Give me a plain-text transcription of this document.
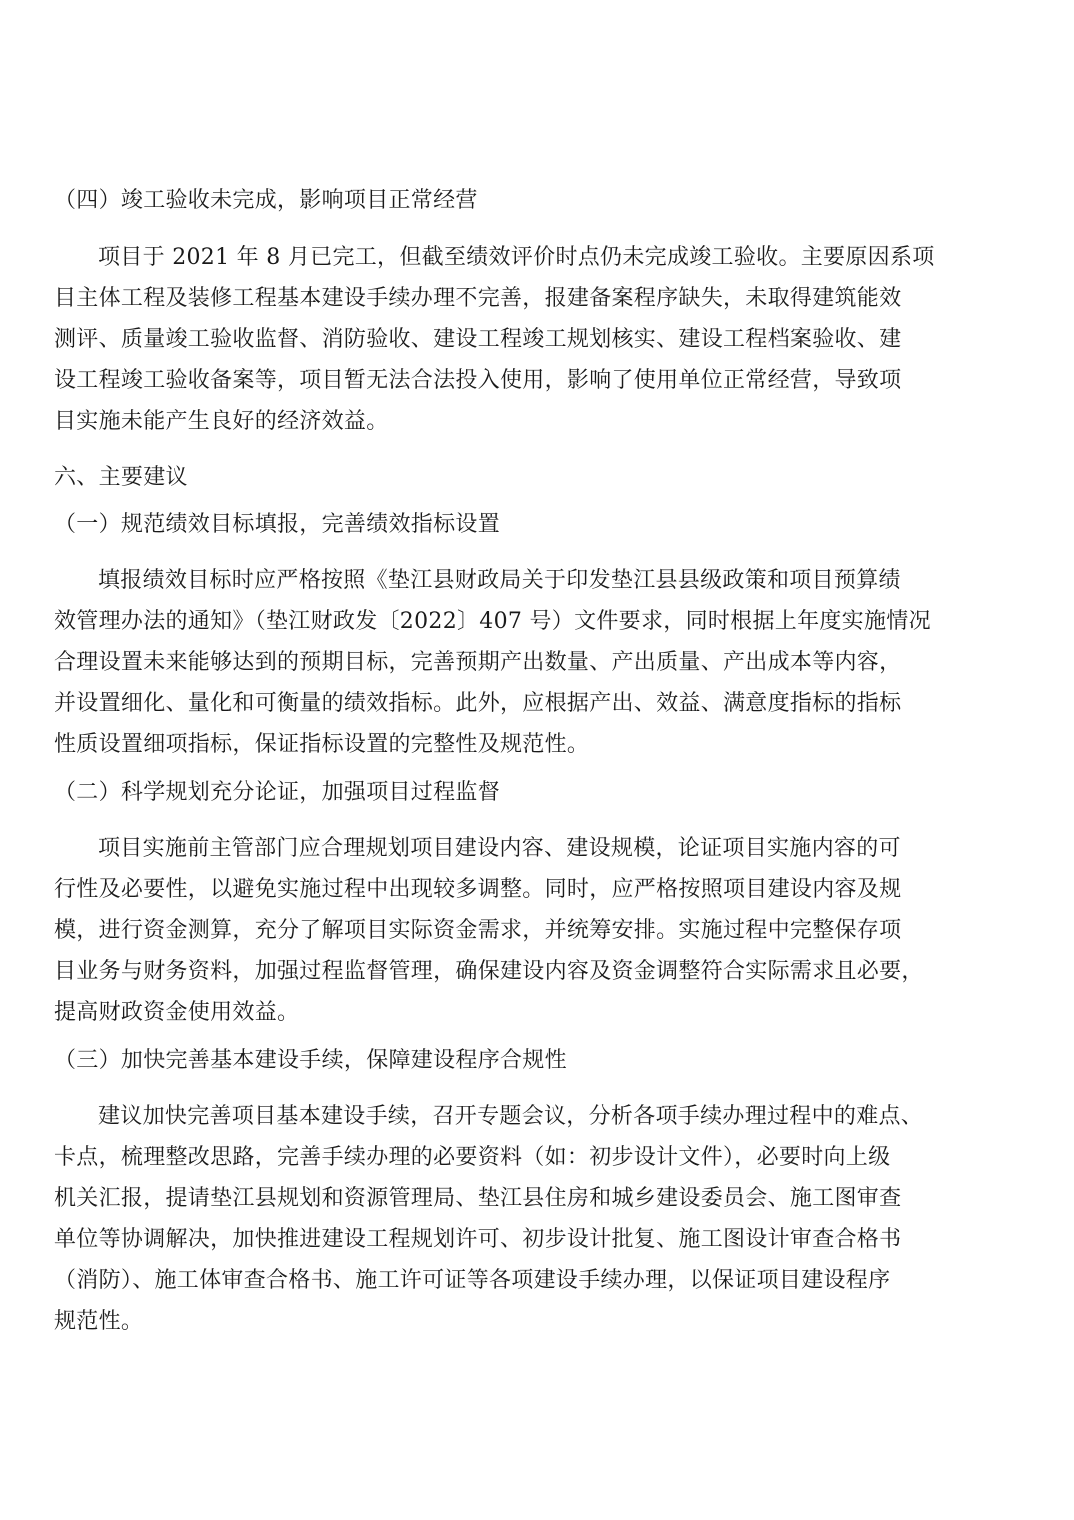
（四）竣工验收未完成，影响项目正常经营
项目于 2021 年 8 月已完工，但截至绩效评价时点仍未完成竣工验收。主要原因系项
目主体工程及装修工程基本建设手续办理不完善，报建备案程序缺失，未取得建筑能效
测评、质量竣工验收监督、消防验收、建设工程竣工规划核实、建设工程档案验收、建
设工程竣工验收备案等，项目暂无法合法投入使用，影响了使用单位正常经营，导致项
目实施未能产生良好的经济效益。
六、主要建议
（一）规范绩效目标填报，完善绩效指标设置
填报绩效目标时应严格按照《垫江县财政局关于印发垫江县县级政策和项目预算绩
效管理办法的通知》（垫江财政发〔2022〕407 号）文件要求，同时根据上年度实施情况
合理设置未来能够达到的预期目标，完善预期产出数量、产出质量、产出成本等内容，
并设置细化、量化和可衡量的绩效指标。此外，应根据产出、效益、满意度指标的指标
性质设置细项指标，保证指标设置的完整性及规范性。
（二）科学规划充分论证，加强项目过程监督
项目实施前主管部门应合理规划项目建设内容、建设规模，论证项目实施内容的可
行性及必要性，以避免实施过程中出现较多调整。同时，应严格按照项目建设内容及规
模，进行资金测算，充分了解项目实际资金需求，并统筹安排。实施过程中完整保存项
目业务与财务资料，加强过程监督管理，确保建设内容及资金调整符合实际需求且必要，
提高财政资金使用效益。
（三）加快完善基本建设手续，保障建设程序合规性
建议加快完善项目基本建设手续，召开专题会议，分析各项手续办理过程中的难点、
卡点，梳理整改思路，完善手续办理的必要资料（如：初步设计文件），必要时向上级
机关汇报，提请垫江县规划和资源管理局、垫江县住房和城乡建设委员会、施工图审查
单位等协调解决，加快推进建设工程规划许可、初步设计批复、施工图设计审查合格书
（消防）、施工体审查合格书、施工许可证等各项建设手续办理，以保证项目建设程序
规范性。
